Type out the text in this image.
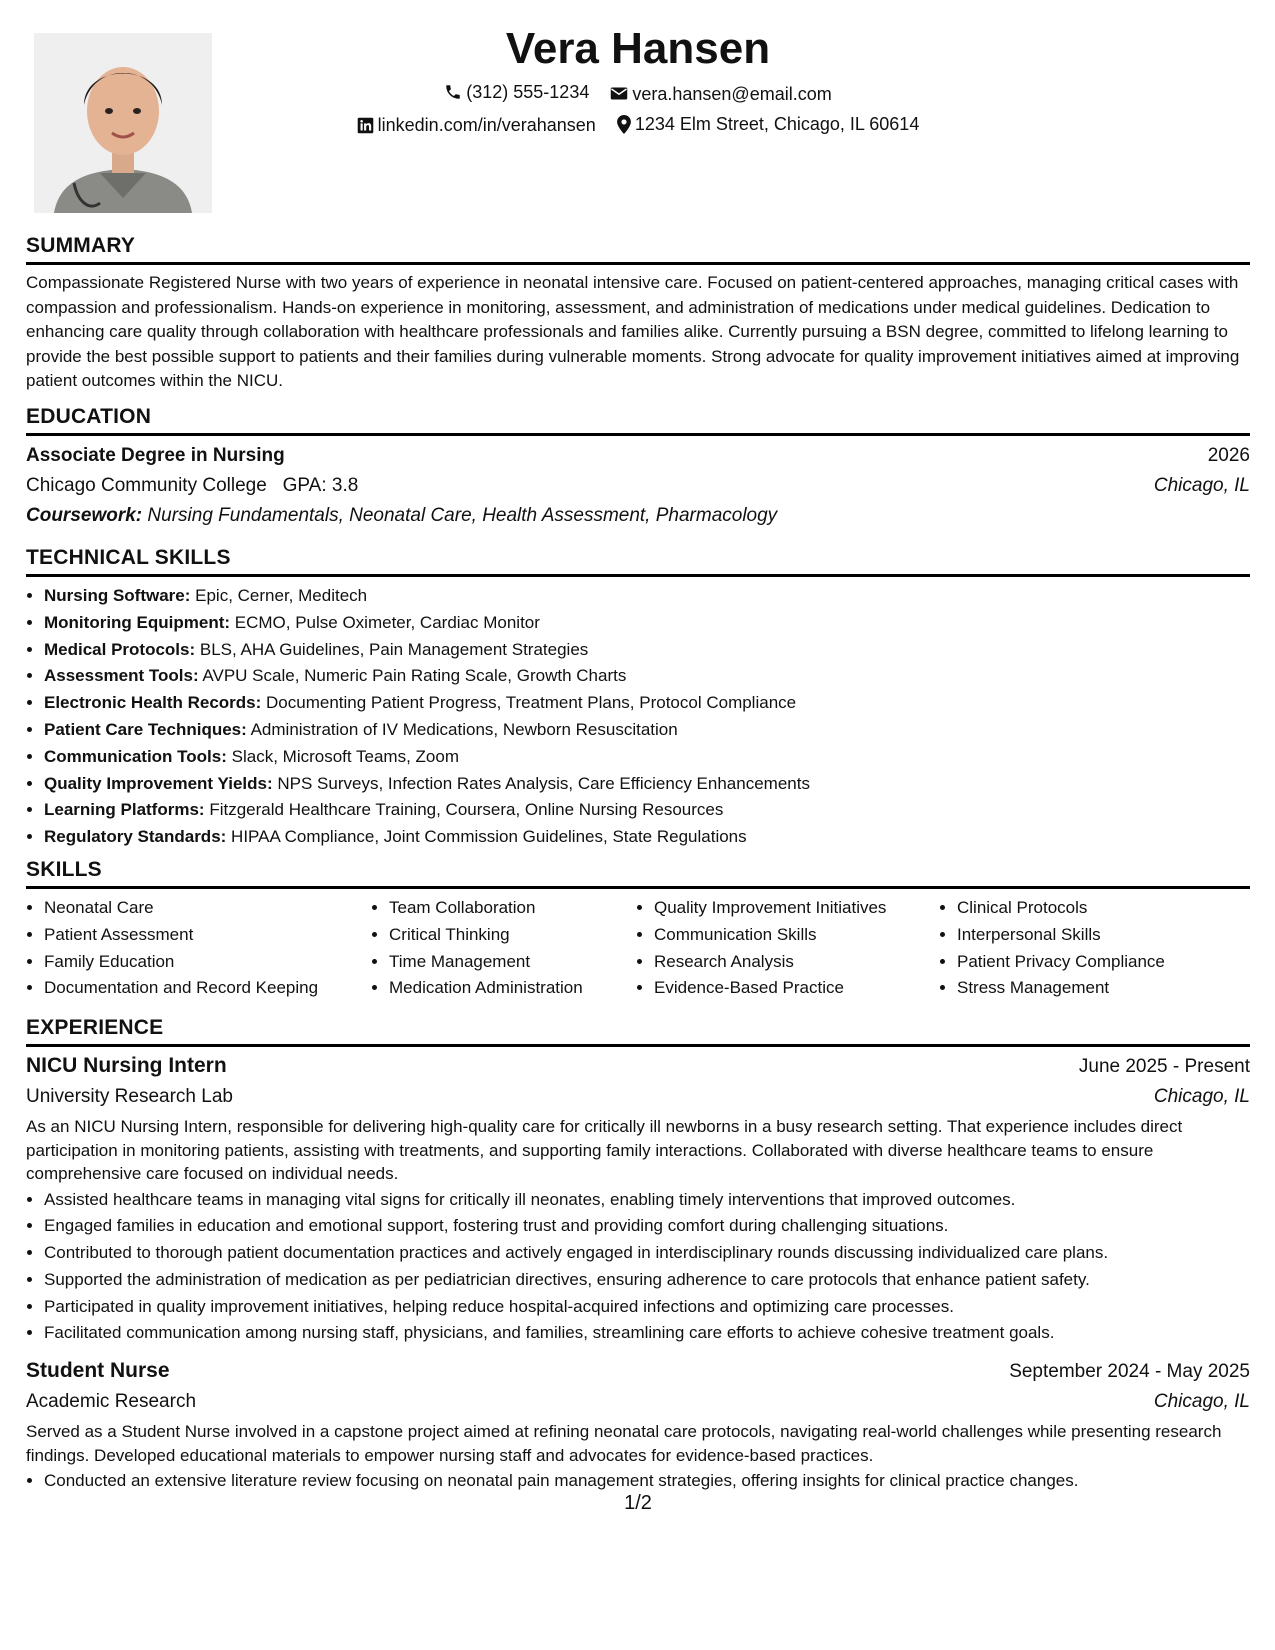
Vera Hansen
(312) 555-1234
vera.hansen@email.com
linkedin.com/in/verahansen
1234 Elm Street, Chicago, IL 60614
SUMMARY

Compassionate Registered Nurse with two years of experience in neonatal intensive care. Focused on patient-centered approaches, managing critical cases with compassion and professionalism. Hands-on experience in monitoring, assessment, and administration of medications under medical guidelines. Dedication to enhancing care quality through collaboration with healthcare professionals and families alike. Currently pursuing a BSN degree, committed to lifelong learning to provide the best possible support to patients and their families during vulnerable moments. Strong advocate for quality improvement initiatives aimed at improving patient outcomes within the NICU.

EDUCATION
Associate Degree in Nursing	2026
Chicago Community College GPA: 3.8	Chicago, IL
Coursework: Nursing Fundamentals, Neonatal Care, Health Assessment, Pharmacology
TECHNICAL SKILLS
• Nursing Software: Epic, Cerner, Meditech
• Monitoring Equipment: ECMO, Pulse Oximeter, Cardiac Monitor
• Medical Protocols: BLS, AHA Guidelines, Pain Management Strategies
• Assessment Tools: AVPU Scale, Numeric Pain Rating Scale, Growth Charts
• Electronic Health Records: Documenting Patient Progress, Treatment Plans, Protocol Compliance
• Patient Care Techniques: Administration of IV Medications, Newborn Resuscitation
• Communication Tools: Slack, Microsoft Teams, Zoom
• Quality Improvement Yields: NPS Surveys, Infection Rates Analysis, Care Efficiency Enhancements
• Learning Platforms: Fitzgerald Healthcare Training, Coursera, Online Nursing Resources
• Regulatory Standards: HIPAA Compliance, Joint Commission Guidelines, State Regulations
SKILLS
• Neonatal Care
• Patient Assessment
• Family Education
• Documentation and Record Keeping
• Team Collaboration
• Critical Thinking
• Time Management
• Medication Administration
• Quality Improvement Initiatives
• Communication Skills
• Research Analysis
• Evidence-Based Practice
• Clinical Protocols
• Interpersonal Skills
• Patient Privacy Compliance
• Stress Management
EXPERIENCE
NICU Nursing Intern	June 2025 - Present
University Research Lab	Chicago, IL

As an NICU Nursing Intern, responsible for delivering high-quality care for critically ill newborns in a busy research setting. That experience includes direct participation in monitoring patients, assisting with treatments, and supporting family interactions. Collaborated with diverse healthcare teams to ensure comprehensive care focused on individual needs.

• Assisted healthcare teams in managing vital signs for critically ill neonates, enabling timely interventions that improved outcomes.
• Engaged families in education and emotional support, fostering trust and providing comfort during challenging situations.
• Contributed to thorough patient documentation practices and actively engaged in interdisciplinary rounds discussing individualized care plans.
• Supported the administration of medication as per pediatrician directives, ensuring adherence to care protocols that enhance patient safety.
• Participated in quality improvement initiatives, helping reduce hospital-acquired infections and optimizing care processes.
• Facilitated communication among nursing staff, physicians, and families, streamlining care efforts to achieve cohesive treatment goals.
Student Nurse	September 2024 - May 2025
Academic Research	Chicago, IL

Served as a Student Nurse involved in a capstone project aimed at refining neonatal care protocols, navigating real-world challenges while presenting research findings. Developed educational materials to empower nursing staff and advocates for evidence-based practices.

• Conducted an extensive literature review focusing on neonatal pain management strategies, offering insights for clinical practice changes.
1/2
